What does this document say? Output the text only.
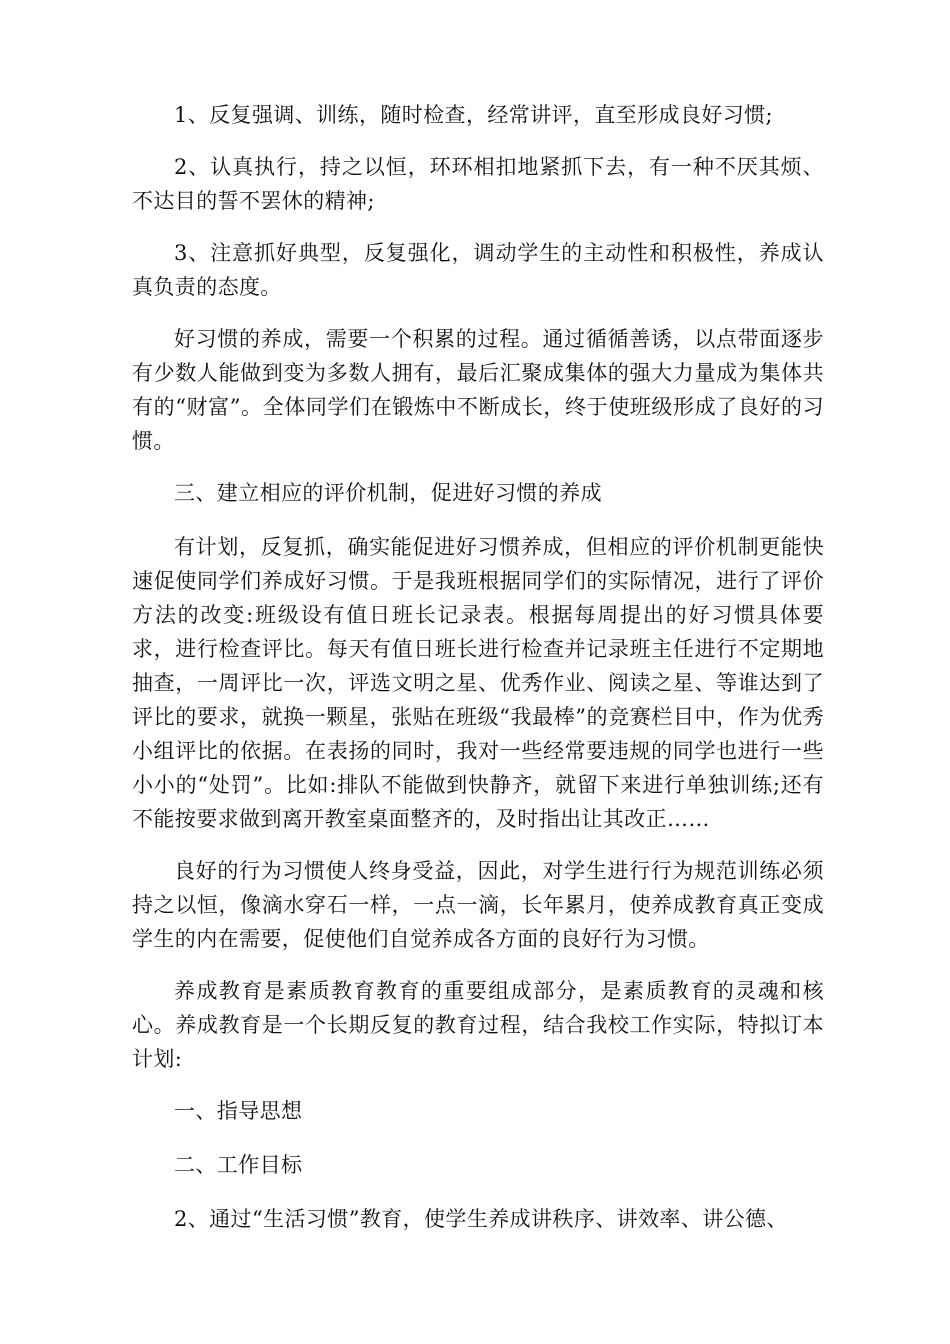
1、反复强调、训练，随时检查，经常讲评，直至形成良好习惯;

2、认真执行，持之以恒，环环相扣地紧抓下去，有一种不厌其烦、不达目的誓不罢休的精神;

3、注意抓好典型，反复强化，调动学生的主动性和积极性，养成认真负责的态度。

好习惯的养成，需要一个积累的过程。通过循循善诱，以点带面逐步有少数人能做到变为多数人拥有，最后汇聚成集体的强大力量成为集体共有的“财富”。全体同学们在锻炼中不断成长，终于使班级形成了良好的习惯。

三、建立相应的评价机制，促进好习惯的养成

有计划，反复抓，确实能促进好习惯养成，但相应的评价机制更能快速促使同学们养成好习惯。于是我班根据同学们的实际情况，进行了评价方法的改变:班级设有值日班长记录表。根据每周提出的好习惯具体要求，进行检查评比。每天有值日班长进行检查并记录班主任进行不定期地抽查，一周评比一次，评选文明之星、优秀作业、阅读之星、等谁达到了评比的要求，就换一颗星，张贴在班级“我最棒”的竞赛栏目中，作为优秀小组评比的依据。在表扬的同时，我对一些经常要违规的同学也进行一些小小的“处罚”。比如:排队不能做到快静齐，就留下来进行单独训练;还有不能按要求做到离开教室桌面整齐的，及时指出让其改正……

良好的行为习惯使人终身受益，因此，对学生进行行为规范训练必须持之以恒，像滴水穿石一样，一点一滴，长年累月，使养成教育真正变成学生的内在需要，促使他们自觉养成各方面的良好行为习惯。

养成教育是素质教育教育的重要组成部分，是素质教育的灵魂和核心。养成教育是一个长期反复的教育过程，结合我校工作实际，特拟订本计划:

一、指导思想

二、工作目标

2、通过“生活习惯”教育，使学生养成讲秩序、讲效率、讲公德、
